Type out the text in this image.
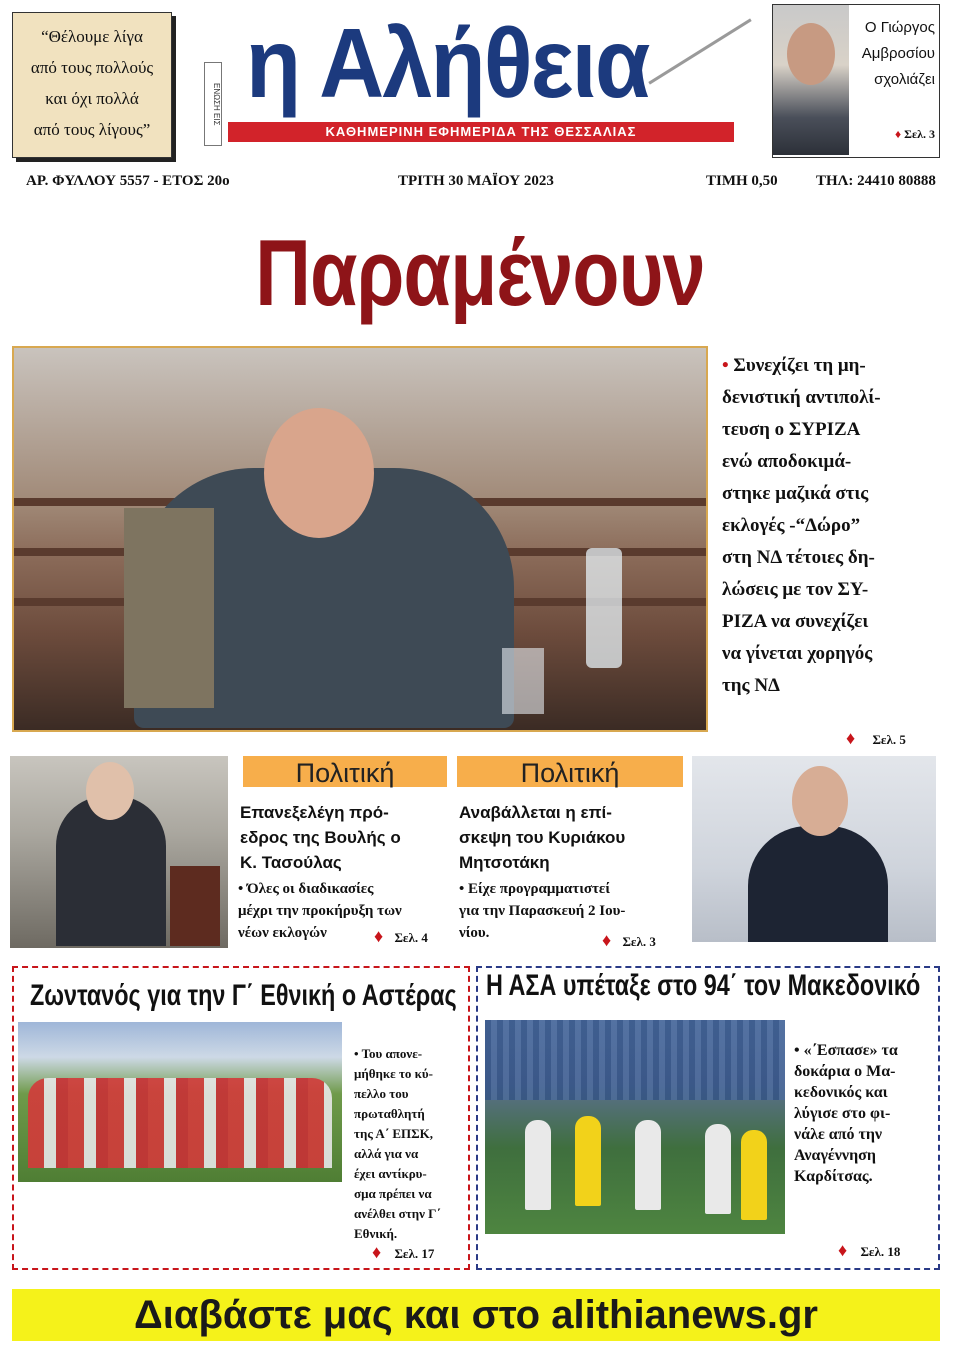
“Θέλουμε λίγα
από τους πολλούς
και όχι πολλά
από τους λίγους”
ΕΝΩΣΗ ΕΙΣ η Αλήθεια
ΚΑΘΗΜΕΡΙΝΗ ΕΦΗΜΕΡΙΔΑ ΤΗΣ ΘΕΣΣΑΛΙΑΣ
Ο Γιώργος
Αμβροσίου
σχολιάζει
♦ Σελ. 3
ΑΡ. ΦΥΛΛΟΥ 5557 - ΕΤΟΣ 20ο	ΤΡΙΤΗ 30 ΜΑΪΟΥ 2023	ΤΙΜΗ 0,50	ΤΗΛ: 24410 80888
Παραμένουν
• Συνεχίζει τη μη-
δενιστική αντιπολί-
τευση ο ΣΥΡΙΖΑ
ενώ αποδοκιμά-
στηκε μαζικά στις
εκλογές -“Δώρο”
στη ΝΔ τέτοιες δη-
λώσεις με τον ΣΥ-
ΡΙΖΑ να συνεχίζει
να γίνεται χορηγός
της ΝΔ
♦ Σελ. 5
Πολιτική
Επανεξελέγη πρό-
εδρος της Βουλής ο
Κ. Τασούλας
• Όλες οι διαδικασίες
μέχρι την προκήρυξη των
νέων εκλογών	♦ Σελ. 4
Πολιτική
Αναβάλλεται η επί-
σκεψη του Κυριάκου
Μητσοτάκη
• Είχε προγραμματιστεί
για την Παρασκευή 2 Ιου-
νίου.	♦ Σελ. 3
Ζωντανός για την Γ΄ Εθνική ο Αστέρας
• Του απονε-
μήθηκε το κύ-
πελλο του
πρωταθλητή
της Α΄ ΕΠΣΚ,
αλλά για να
έχει αντίκρυ-
σμα πρέπει να
ανέλθει στην Γ΄
Εθνική.
♦ Σελ. 17
Η ΑΣΑ υπέταξε στο 94΄ τον Μακεδονικό
• «΄Εσπασε» τα
δοκάρια ο Μα-
κεδονικός και
λύγισε στο φι-
νάλε από την
Αναγέννηση
Καρδίτσας.
♦ Σελ. 18
Διαβάστε μας και στο alithianews.gr
